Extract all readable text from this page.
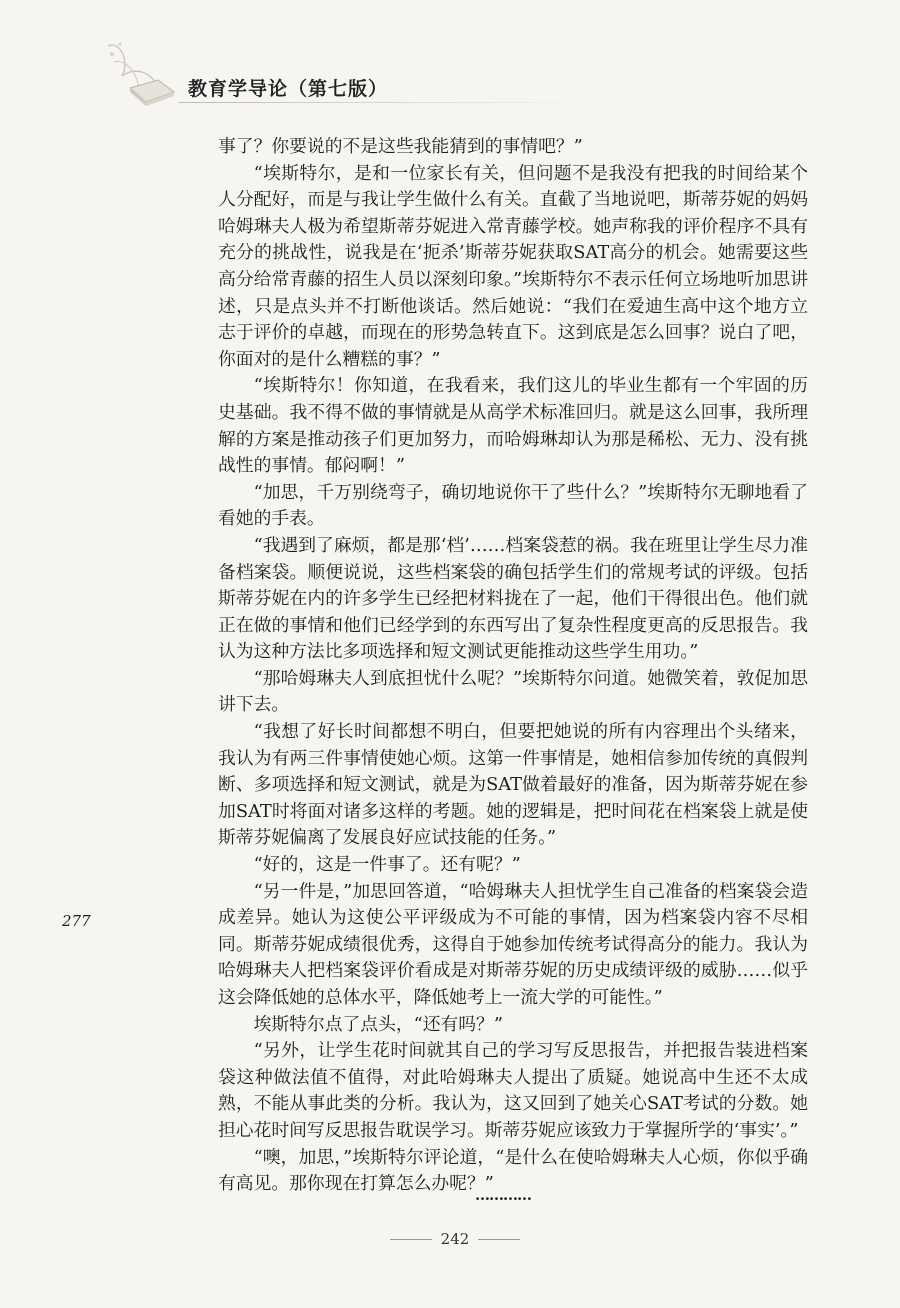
教育学导论（第七版）

事了？你要说的不是这些我能猜到的事情吧？”

“埃斯特尔，是和一位家长有关，但问题不是我没有把我的时间给某个人分配好，而是与我让学生做什么有关。直截了当地说吧，斯蒂芬妮的妈妈哈姆琳夫人极为希望斯蒂芬妮进入常青藤学校。她声称我的评价程序不具有充分的挑战性，说我是在‘扼杀’斯蒂芬妮获取SAT高分的机会。她需要这些高分给常青藤的招生人员以深刻印象。”埃斯特尔不表示任何立场地听加思讲述，只是点头并不打断他谈话。然后她说：“我们在爱迪生高中这个地方立志于评价的卓越，而现在的形势急转直下。这到底是怎么回事？说白了吧，你面对的是什么糟糕的事？”

“埃斯特尔！你知道，在我看来，我们这儿的毕业生都有一个牢固的历史基础。我不得不做的事情就是从高学术标准回归。就是这么回事，我所理解的方案是推动孩子们更加努力，而哈姆琳却认为那是稀松、无力、没有挑战性的事情。郁闷啊！”

“加思，千万别绕弯子，确切地说你干了些什么？”埃斯特尔无聊地看了看她的手表。

“我遇到了麻烦，都是那‘档’……档案袋惹的祸。我在班里让学生尽力准备档案袋。顺便说说，这些档案袋的确包括学生们的常规考试的评级。包括斯蒂芬妮在内的许多学生已经把材料拢在了一起，他们干得很出色。他们就正在做的事情和他们已经学到的东西写出了复杂性程度更高的反思报告。我认为这种方法比多项选择和短文测试更能推动这些学生用功。”

“那哈姆琳夫人到底担忧什么呢？”埃斯特尔问道。她微笑着，敦促加思讲下去。

“我想了好长时间都想不明白，但要把她说的所有内容理出个头绪来，我认为有两三件事情使她心烦。这第一件事情是，她相信参加传统的真假判断、多项选择和短文测试，就是为SAT做着最好的准备，因为斯蒂芬妮在参加SAT时将面对诸多这样的考题。她的逻辑是，把时间花在档案袋上就是使斯蒂芬妮偏离了发展良好应试技能的任务。”

“好的，这是一件事了。还有呢？”

“另一件是，”加思回答道，“哈姆琳夫人担忧学生自己准备的档案袋会造成差异。她认为这使公平评级成为不可能的事情，因为档案袋内容不尽相同。斯蒂芬妮成绩很优秀，这得自于她参加传统考试得高分的能力。我认为哈姆琳夫人把档案袋评价看成是对斯蒂芬妮的历史成绩评级的威胁……似乎这会降低她的总体水平，降低她考上一流大学的可能性。”

埃斯特尔点了点头，“还有吗？”

“另外，让学生花时间就其自己的学习写反思报告，并把报告装进档案袋这种做法值不值得，对此哈姆琳夫人提出了质疑。她说高中生还不太成熟，不能从事此类的分析。我认为，这又回到了她关心SAT考试的分数。她担心花时间写反思报告耽误学习。斯蒂芬妮应该致力于掌握所学的‘事实’。”

“噢，加思，”埃斯特尔评论道，“是什么在使哈姆琳夫人心烦，你似乎确有高见。那你现在打算怎么办呢？”

…………
277
242
